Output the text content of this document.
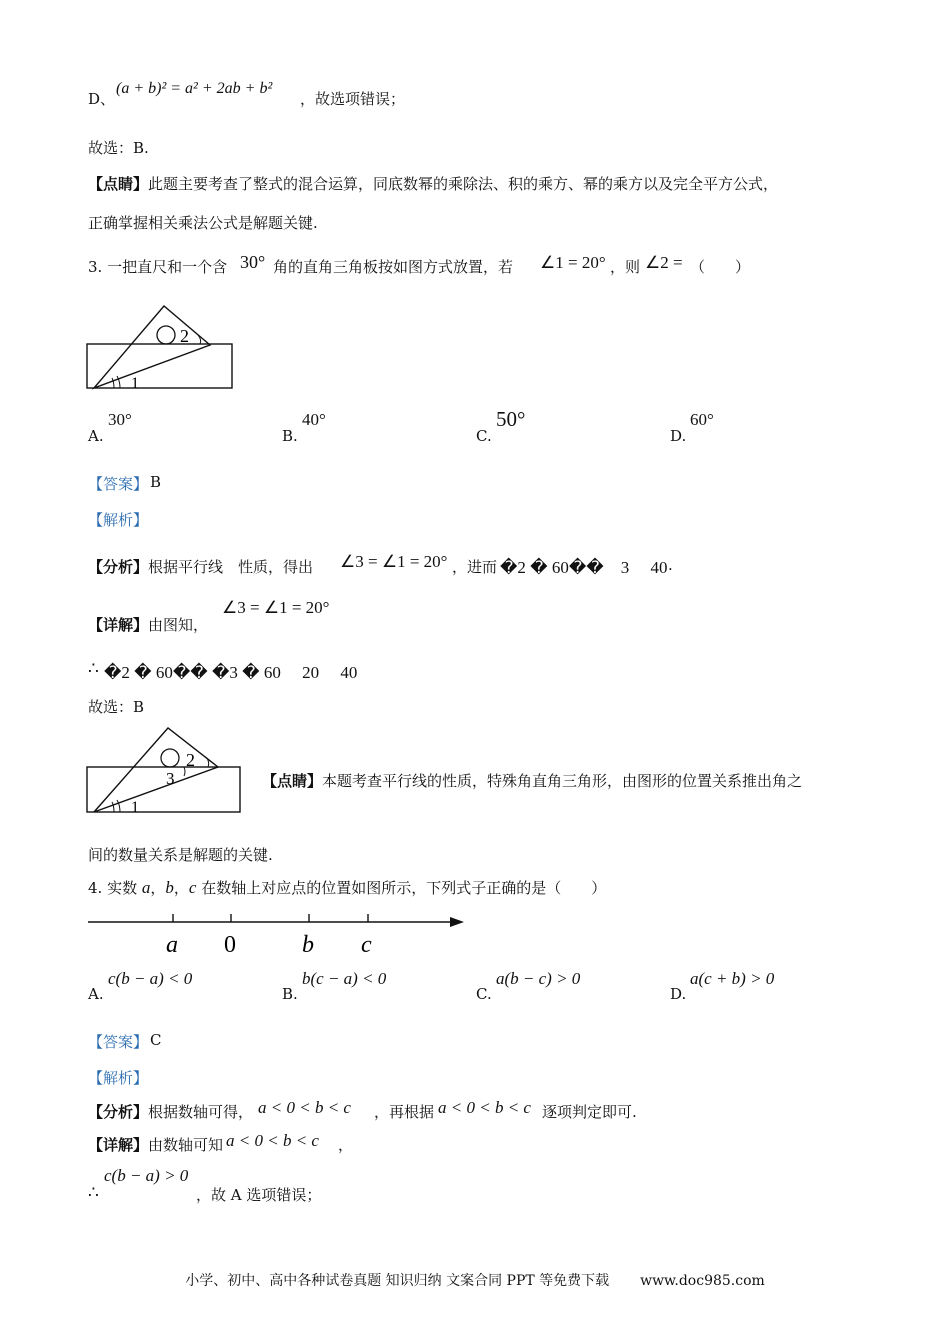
D、
(a + b)² = a² + 2ab + b²
，故选项错误；
故选：B.
【点睛】 此题主要考查了整式的混合运算，同底数幂的乘除法、积的乘方、幂的乘方以及完全平方公式，
正确掌握相关乘法公式是解题关键.
3. 一把直尺和一个含 30° 角的直角三角板按如图方式放置，若 ∠1 = 20° ，则 ∠2 = （　　）
2
1
A.
30°
B.
40°
C.
50°
D.
60°
【答案】 B
【解析】
【分析】 根据平行线　性质，得出 ∠3 = ∠1 = 20° ，进而 �2 � 60��　3　 40 .
【详解】 由图知，
∠3 = ∠1 = 20°
∴ �2 � 60�� �3 � 60　 20　 40
故选：B
2
3
1
【点睛】 本题考查平行线的性质，特殊角直角三角形，由图形的位置关系推出角之
间的数量关系是解题的关键.
4. 实数 a，b，c 在数轴上对应点的位置如图所示，下列式子正确的是（　　）
a 0	b c
A.
c(b − a) < 0
B.
b(c − a) < 0
C.
a(b − c) > 0
D.
a(c + b) > 0
【答案】 C
【解析】
【分析】 根据数轴可得， a < 0 < b < c ，再根据 a < 0 < b < c 逐项判定即可.
【详解】 由数轴可知 a < 0 < b < c ，
∴
c(b − a) > 0
，故 A 选项错误；
小学、初中、高中各种试卷真题 知识归纳 文案合同 PPT 等免费下载 www.doc985.com
